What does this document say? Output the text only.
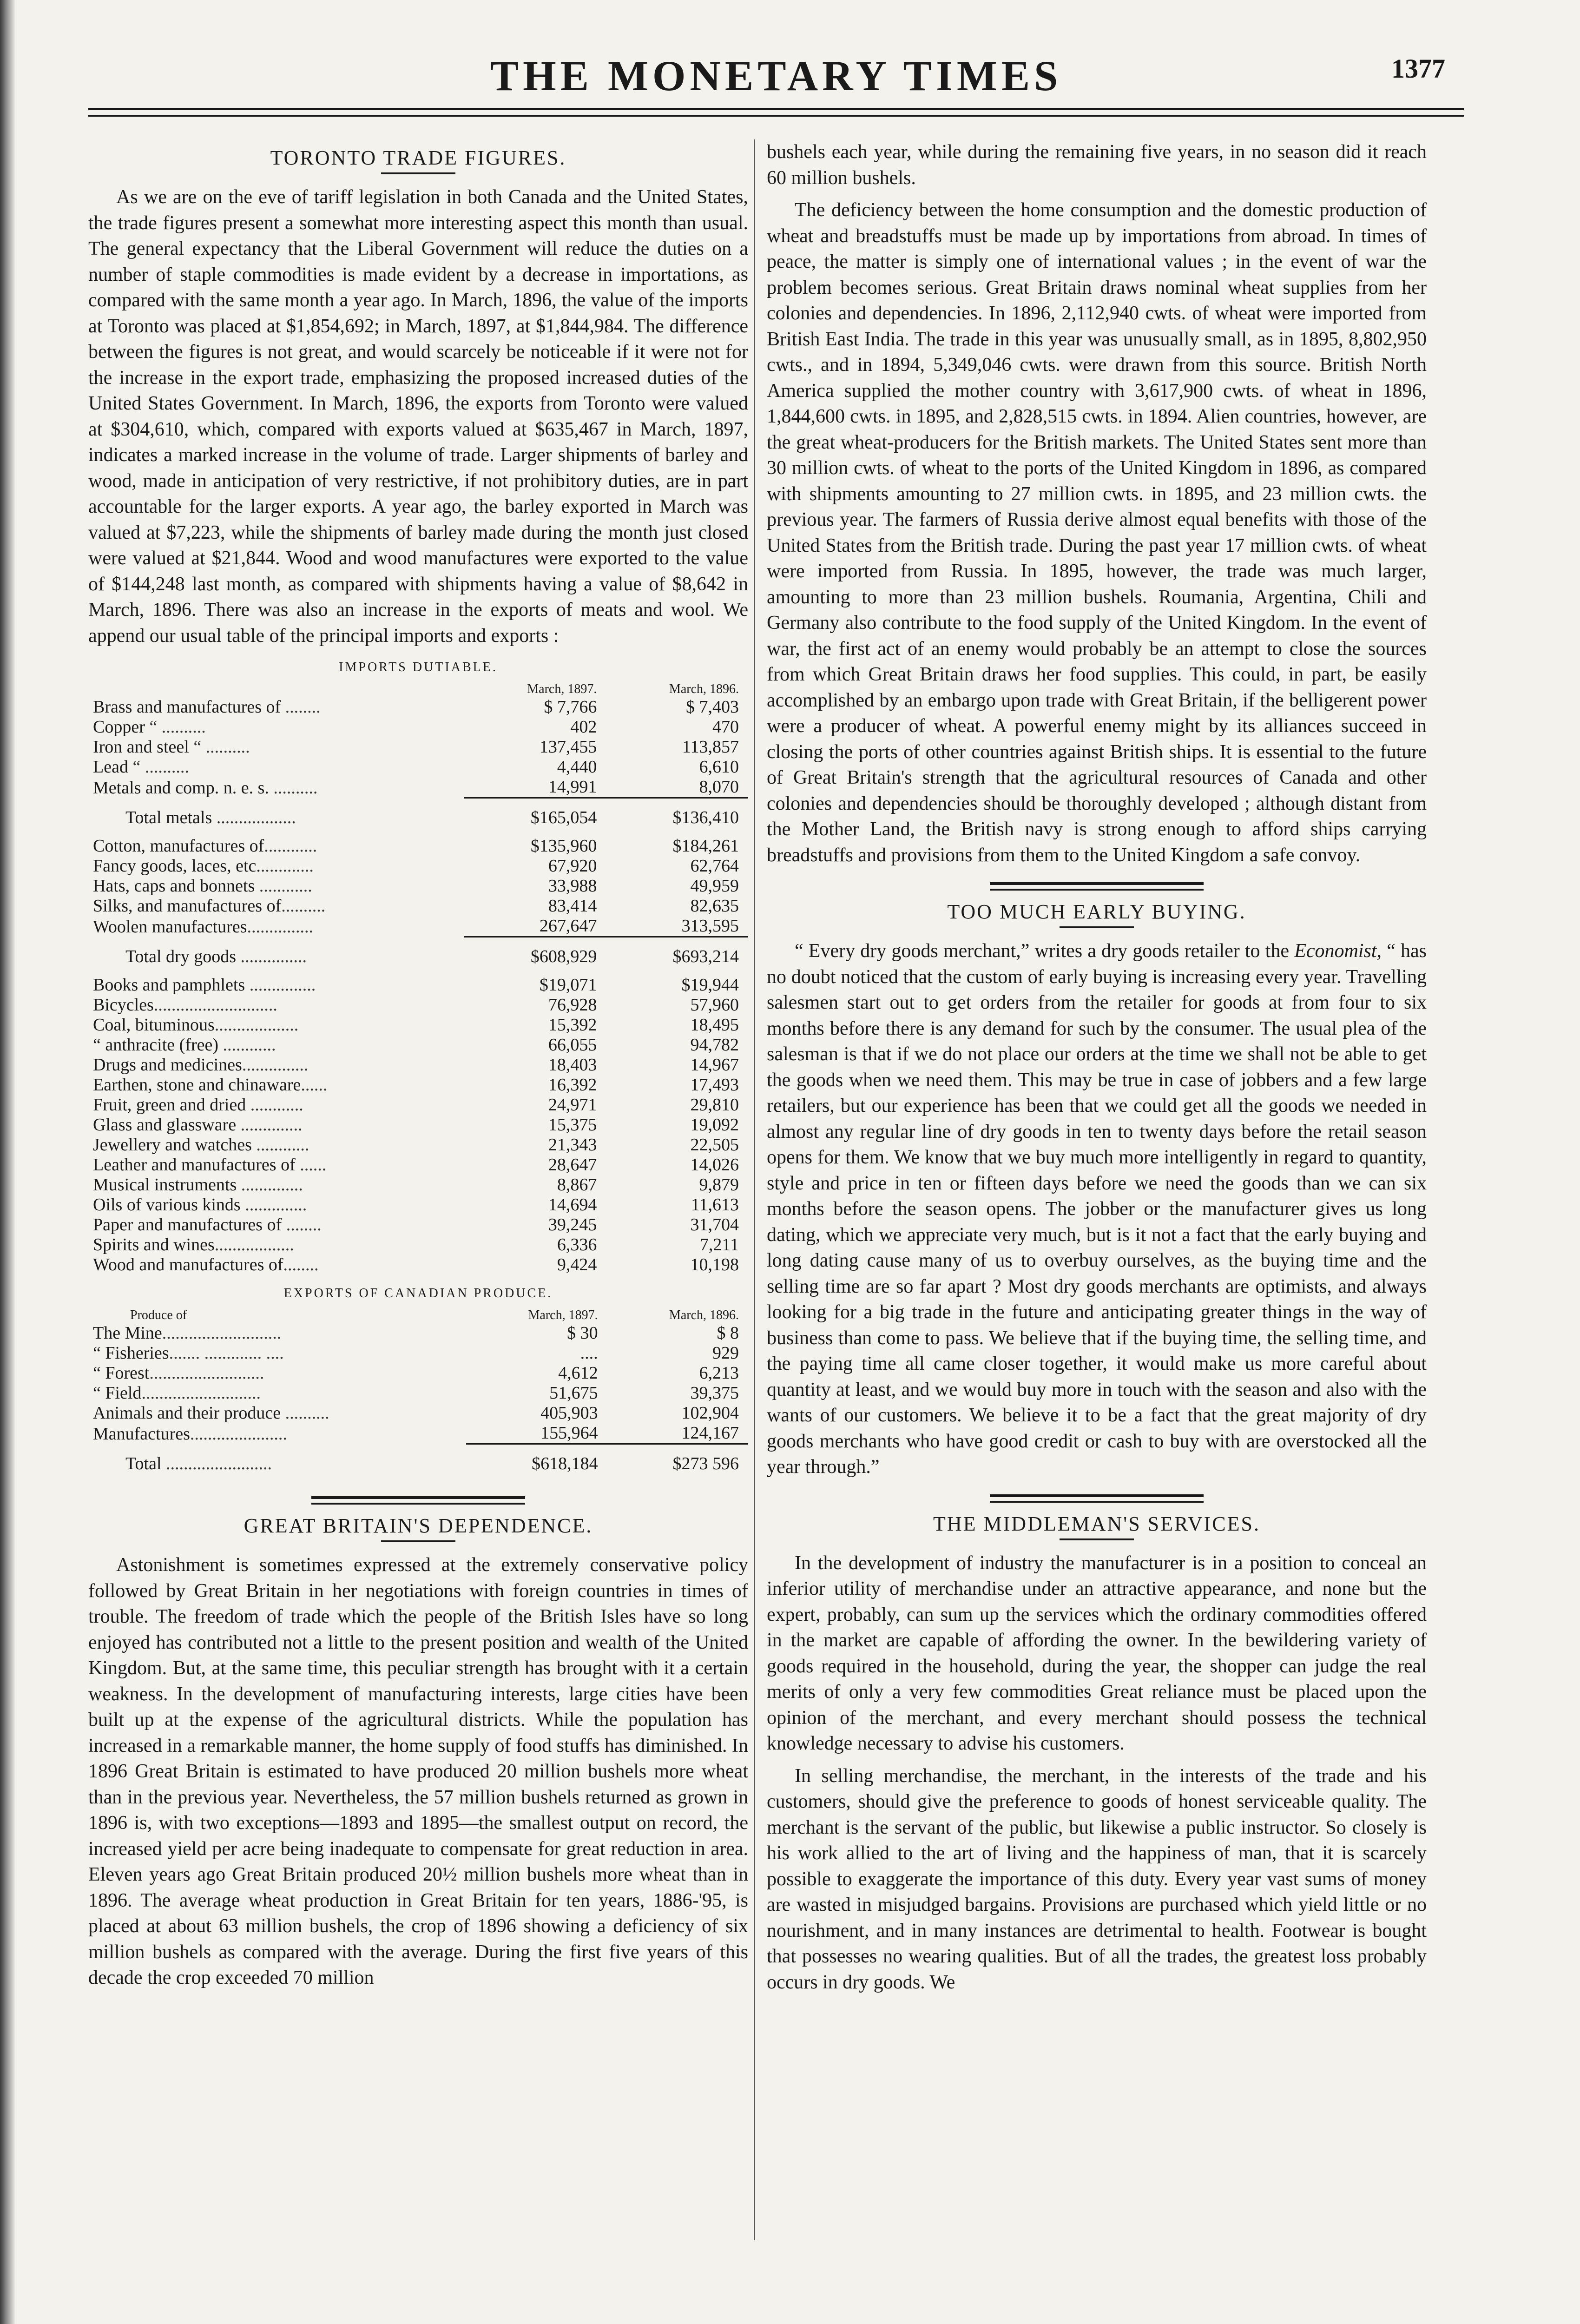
THE MONETARY TIMES	1377
TORONTO TRADE FIGURES.

As we are on the eve of tariff legislation in both Canada and the United States, the trade figures present a somewhat more interesting aspect this month than usual. The general expectancy that the Liberal Government will reduce the duties on a number of staple commodities is made evident by a decrease in importations, as compared with the same month a year ago. In March, 1896, the value of the imports at Toronto was placed at $1,854,692; in March, 1897, at $1,844,984. The difference between the figures is not great, and would scarcely be noticeable if it were not for the increase in the export trade, emphasizing the proposed increased duties of the United States Government. In March, 1896, the exports from Toronto were valued at $304,610, which, compared with exports valued at $635,467 in March, 1897, indicates a marked increase in the volume of trade. Larger shipments of barley and wood, made in anticipation of very restrictive, if not prohibitory duties, are in part accountable for the larger exports. A year ago, the barley exported in March was valued at $7,223, while the shipments of barley made during the month just closed were valued at $21,844. Wood and wood manufactures were exported to the value of $144,248 last month, as compared with shipments having a value of $8,642 in March, 1896. There was also an increase in the exports of meats and wool. We append our usual table of the principal imports and exports :

IMPORTS DUTIABLE.
	March, 1897.	March, 1896.
Brass and manufactures of ........	$ 7,766	$ 7,403
Copper “ ..........	402	470
Iron and steel “ ..........	137,455	113,857
Lead “ ..........	4,440	6,610
Metals and comp. n. e. s. ..........	14,991	8,070
Total metals ..................	$165,054	$136,410
Cotton, manufactures of............	$135,960	$184,261
Fancy goods, laces, etc.............	67,920	62,764
Hats, caps and bonnets ............	33,988	49,959
Silks, and manufactures of..........	83,414	82,635
Woolen manufactures...............	267,647	313,595
Total dry goods ...............	$608,929	$693,214
Books and pamphlets ...............	$19,071	$19,944
Bicycles............................	76,928	57,960
Coal, bituminous...................	15,392	18,495
“ anthracite (free) ............	66,055	94,782
Drugs and medicines...............	18,403	14,967
Earthen, stone and chinaware......	16,392	17,493
Fruit, green and dried ............	24,971	29,810
Glass and glassware ..............	15,375	19,092
Jewellery and watches ............	21,343	22,505
Leather and manufactures of ......	28,647	14,026
Musical instruments ..............	8,867	9,879
Oils of various kinds ..............	14,694	11,613
Paper and manufactures of ........	39,245	31,704
Spirits and wines..................	6,336	7,211
Wood and manufactures of........	9,424	10,198
EXPORTS OF CANADIAN PRODUCE.
Produce of	March, 1897.	March, 1896.
The Mine...........................	$ 30	$ 8
“ Fisheries....... ............. ....	....	929
“ Forest..........................	4,612	6,213
“ Field...........................	51,675	39,375
Animals and their produce ..........	405,903	102,904
Manufactures......................	155,964	124,167
Total ........................	$618,184	$273 596
GREAT BRITAIN'S DEPENDENCE.

Astonishment is sometimes expressed at the extremely conservative policy followed by Great Britain in her negotiations with foreign countries in times of trouble. The freedom of trade which the people of the British Isles have so long enjoyed has contributed not a little to the present position and wealth of the United Kingdom. But, at the same time, this peculiar strength has brought with it a certain weakness. In the development of manufacturing interests, large cities have been built up at the expense of the agricultural districts. While the population has increased in a remarkable manner, the home supply of food stuffs has diminished. In 1896 Great Britain is estimated to have produced 20 million bushels more wheat than in the previous year. Nevertheless, the 57 million bushels returned as grown in 1896 is, with two exceptions—1893 and 1895—the smallest output on record, the increased yield per acre being inadequate to compensate for great reduction in area. Eleven years ago Great Britain produced 20½ million bushels more wheat than in 1896. The average wheat production in Great Britain for ten years, 1886-'95, is placed at about 63 million bushels, the crop of 1896 showing a deficiency of six million bushels as compared with the average. During the first five years of this decade the crop exceeded 70 million

bushels each year, while during the remaining five years, in no season did it reach 60 million bushels.

The deficiency between the home consumption and the domestic production of wheat and breadstuffs must be made up by importations from abroad. In times of peace, the matter is simply one of international values ; in the event of war the problem becomes serious. Great Britain draws nominal wheat supplies from her colonies and dependencies. In 1896, 2,112,940 cwts. of wheat were imported from British East India. The trade in this year was unusually small, as in 1895, 8,802,950 cwts., and in 1894, 5,349,046 cwts. were drawn from this source. British North America supplied the mother country with 3,617,900 cwts. of wheat in 1896, 1,844,600 cwts. in 1895, and 2,828,515 cwts. in 1894. Alien countries, however, are the great wheat-producers for the British markets. The United States sent more than 30 million cwts. of wheat to the ports of the United Kingdom in 1896, as compared with shipments amounting to 27 million cwts. in 1895, and 23 million cwts. the previous year. The farmers of Russia derive almost equal benefits with those of the United States from the British trade. During the past year 17 million cwts. of wheat were imported from Russia. In 1895, however, the trade was much larger, amounting to more than 23 million bushels. Roumania, Argentina, Chili and Germany also contribute to the food supply of the United Kingdom. In the event of war, the first act of an enemy would probably be an attempt to close the sources from which Great Britain draws her food supplies. This could, in part, be easily accomplished by an embargo upon trade with Great Britain, if the belligerent power were a producer of wheat. A powerful enemy might by its alliances succeed in closing the ports of other countries against British ships. It is essential to the future of Great Britain's strength that the agricultural resources of Canada and other colonies and dependencies should be thoroughly developed ; although distant from the Mother Land, the British navy is strong enough to afford ships carrying breadstuffs and provisions from them to the United Kingdom a safe convoy.

TOO MUCH EARLY BUYING.

“ Every dry goods merchant,” writes a dry goods retailer to the Economist, “ has no doubt noticed that the custom of early buying is increasing every year. Travelling salesmen start out to get orders from the retailer for goods at from four to six months before there is any demand for such by the consumer. The usual plea of the salesman is that if we do not place our orders at the time we shall not be able to get the goods when we need them. This may be true in case of jobbers and a few large retailers, but our experience has been that we could get all the goods we needed in almost any regular line of dry goods in ten to twenty days before the retail season opens for them. We know that we buy much more intelligently in regard to quantity, style and price in ten or fifteen days before we need the goods than we can six months before the season opens. The jobber or the manufacturer gives us long dating, which we appreciate very much, but is it not a fact that the early buying and long dating cause many of us to overbuy ourselves, as the buying time and the selling time are so far apart ? Most dry goods merchants are optimists, and always looking for a big trade in the future and anticipating greater things in the way of business than come to pass. We believe that if the buying time, the selling time, and the paying time all came closer together, it would make us more careful about quantity at least, and we would buy more in touch with the season and also with the wants of our customers. We believe it to be a fact that the great majority of dry goods merchants who have good credit or cash to buy with are overstocked all the year through.”

THE MIDDLEMAN'S SERVICES.

In the development of industry the manufacturer is in a position to conceal an inferior utility of merchandise under an attractive appearance, and none but the expert, probably, can sum up the services which the ordinary commodities offered in the market are capable of affording the owner. In the bewildering variety of goods required in the household, during the year, the shopper can judge the real merits of only a very few commodities Great reliance must be placed upon the opinion of the merchant, and every merchant should possess the technical knowledge necessary to advise his customers.

In selling merchandise, the merchant, in the interests of the trade and his customers, should give the preference to goods of honest serviceable quality. The merchant is the servant of the public, but likewise a public instructor. So closely is his work allied to the art of living and the happiness of man, that it is scarcely possible to exaggerate the importance of this duty. Every year vast sums of money are wasted in misjudged bargains. Provisions are purchased which yield little or no nourishment, and in many instances are detrimental to health. Footwear is bought that possesses no wearing qualities. But of all the trades, the greatest loss probably occurs in dry goods. We
